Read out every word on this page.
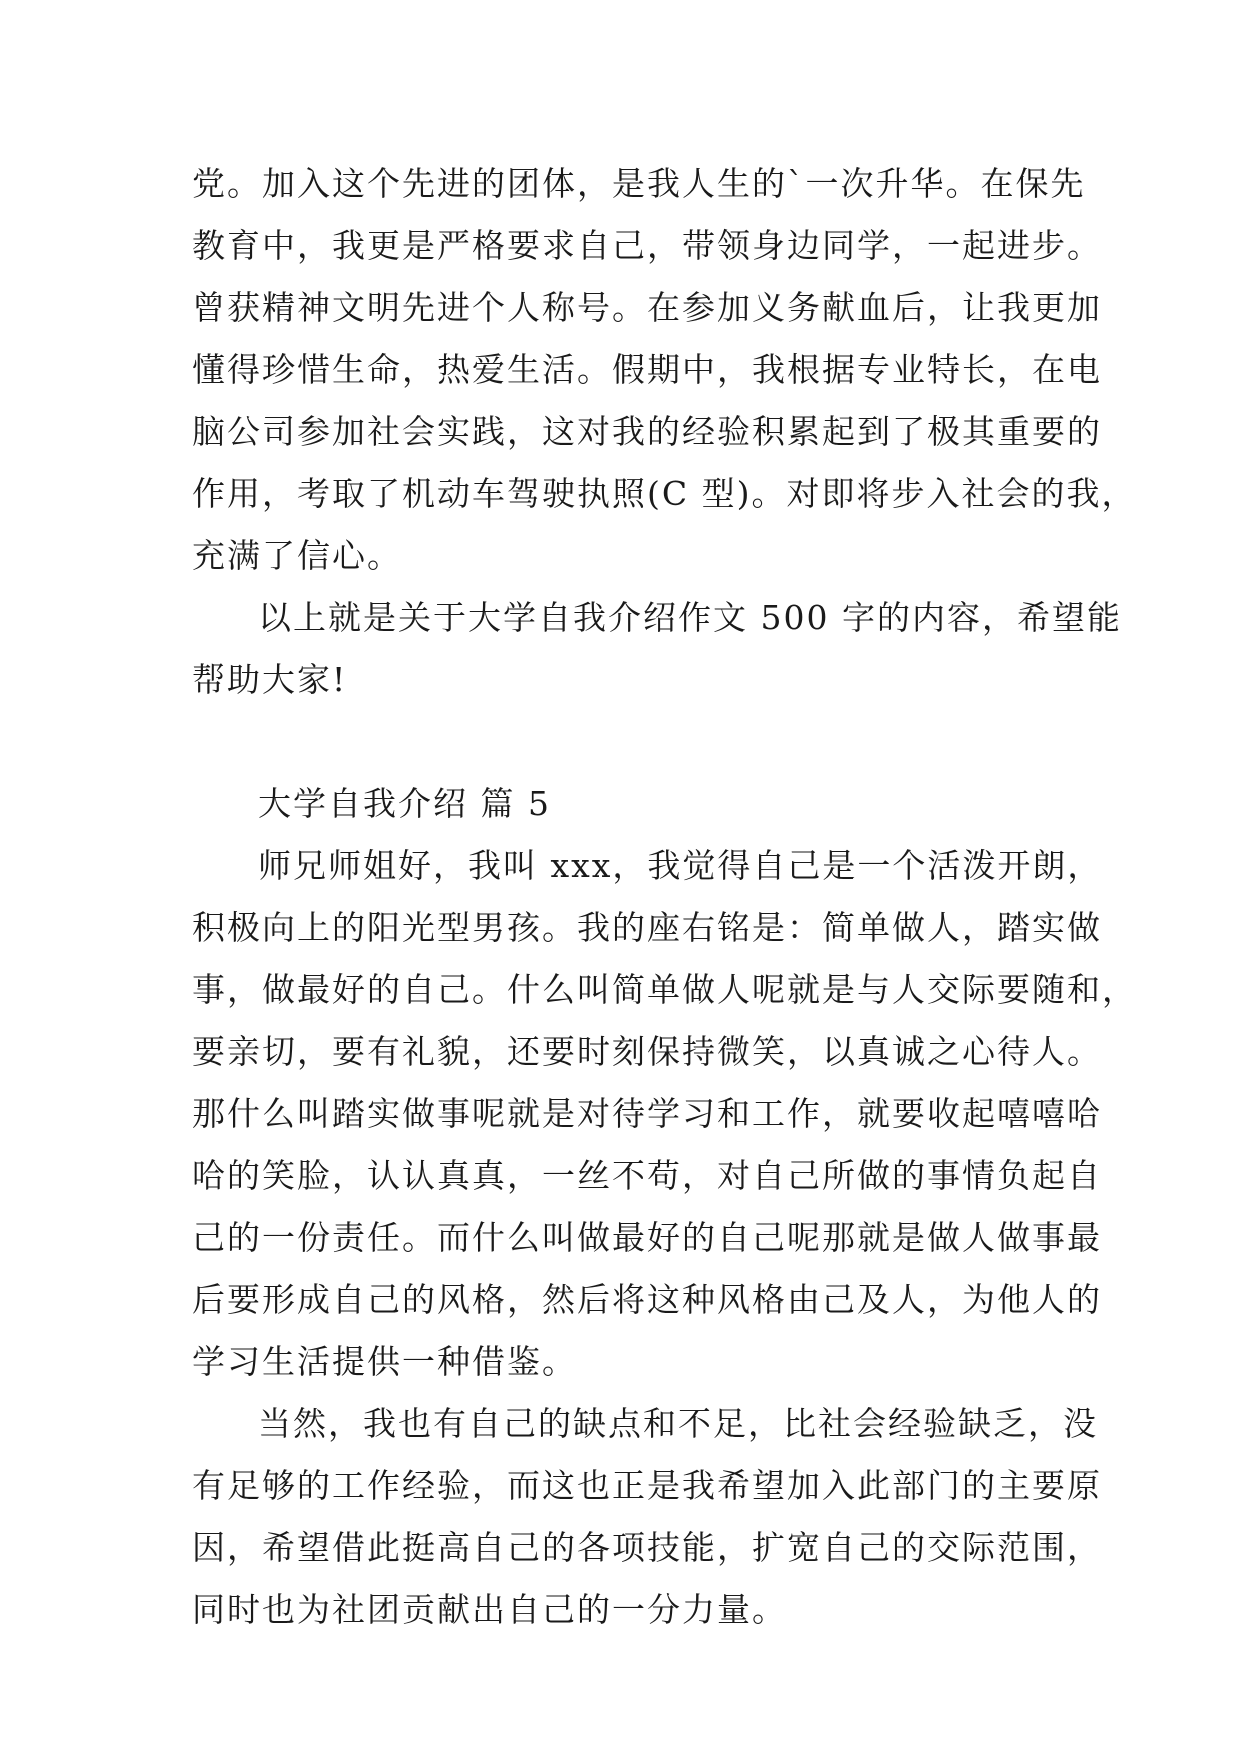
党。加入这个先进的团体，是我人生的`一次升华。在保先
教育中，我更是严格要求自己，带领身边同学，一起进步。
曾获精神文明先进个人称号。在参加义务献血后，让我更加
懂得珍惜生命，热爱生活。假期中，我根据专业特长，在电
脑公司参加社会实践，这对我的经验积累起到了极其重要的
作用，考取了机动车驾驶执照(C 型)。对即将步入社会的我，
充满了信心。
以上就是关于大学自我介绍作文 500 字的内容，希望能
帮助大家!
大学自我介绍 篇 5
师兄师姐好，我叫 xxx，我觉得自己是一个活泼开朗，
积极向上的阳光型男孩。我的座右铭是：简单做人，踏实做
事，做最好的自己。什么叫简单做人呢就是与人交际要随和，
要亲切，要有礼貌，还要时刻保持微笑，以真诚之心待人。
那什么叫踏实做事呢就是对待学习和工作，就要收起嘻嘻哈
哈的笑脸，认认真真，一丝不苟，对自己所做的事情负起自
己的一份责任。而什么叫做最好的自己呢那就是做人做事最
后要形成自己的风格，然后将这种风格由己及人，为他人的
学习生活提供一种借鉴。
当然，我也有自己的缺点和不足，比社会经验缺乏，没
有足够的工作经验，而这也正是我希望加入此部门的主要原
因，希望借此挺高自己的各项技能，扩宽自己的交际范围，
同时也为社团贡献出自己的一分力量。
